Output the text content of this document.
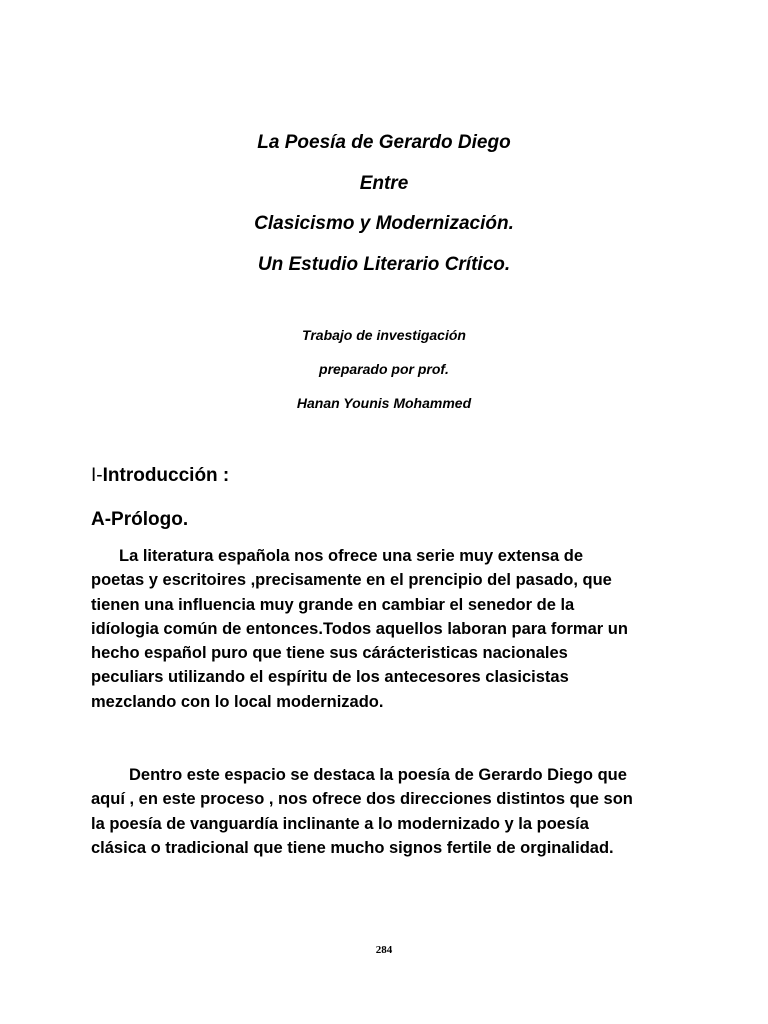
La Poesía de Gerardo Diego
Entre
Clasicismo y Modernización.
Un Estudio Literario Crítico.
Trabajo de investigación
preparado por prof.
Hanan Younis Mohammed
I-Introducción :
A-Prólogo.
La literatura española nos ofrece una serie muy extensa de
poetas y escritoires ,precisamente en el prencipio del pasado, que
tienen una influencia muy grande en cambiar el senedor de la
idíologia común de entonces.Todos aquellos laboran para formar un
hecho español puro que tiene sus cárácteristicas nacionales
peculiars utilizando el espíritu de los antecesores clasicistas
mezclando con lo local modernizado.
Dentro este espacio se destaca la poesía de Gerardo Diego que
aquí , en este proceso , nos ofrece dos direcciones distintos que son
la poesía de vanguardía inclinante a lo modernizado y la poesía
clásica o tradicional que tiene mucho signos fertile de orginalidad.
284
